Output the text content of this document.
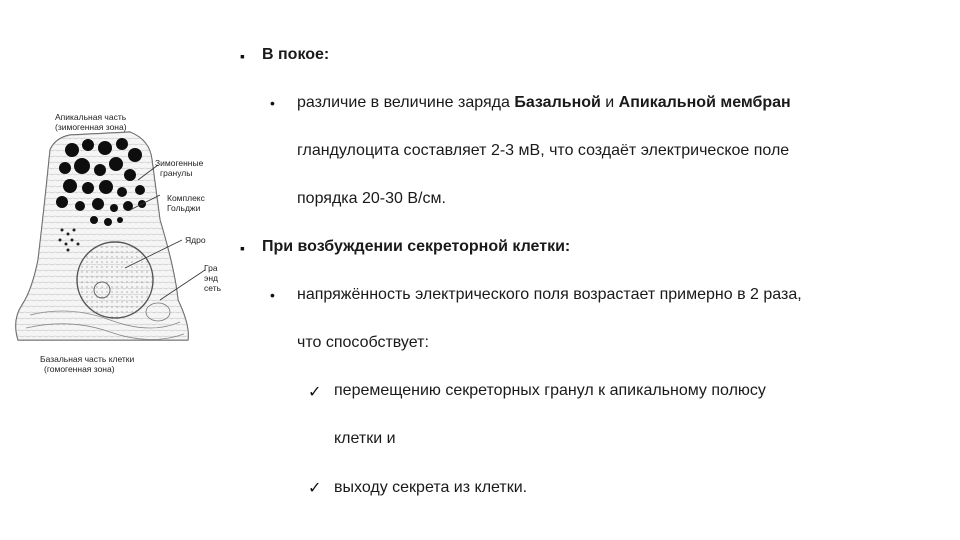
Апикальная часть
(зимогенная зона)
Зимогенные
гранулы
Комплекс
Гольджи
Ядро
Гра
энд
сеть
Базальная часть клетки
(гомогенная зона)
▪ В покое:
• различие в величине заряда Базальной и Апикальной мембран
гландулоцита составляет 2-3 мВ, что создаёт электрическое поле
порядка 20-30 В/см.
▪ При возбуждении секреторной клетки:
• напряжённость электрического поля возрастает примерно в 2 раза,
что способствует:
✓ перемещению секреторных гранул к апикальному полюсу
клетки и
✓ выходу секрета из клетки.
